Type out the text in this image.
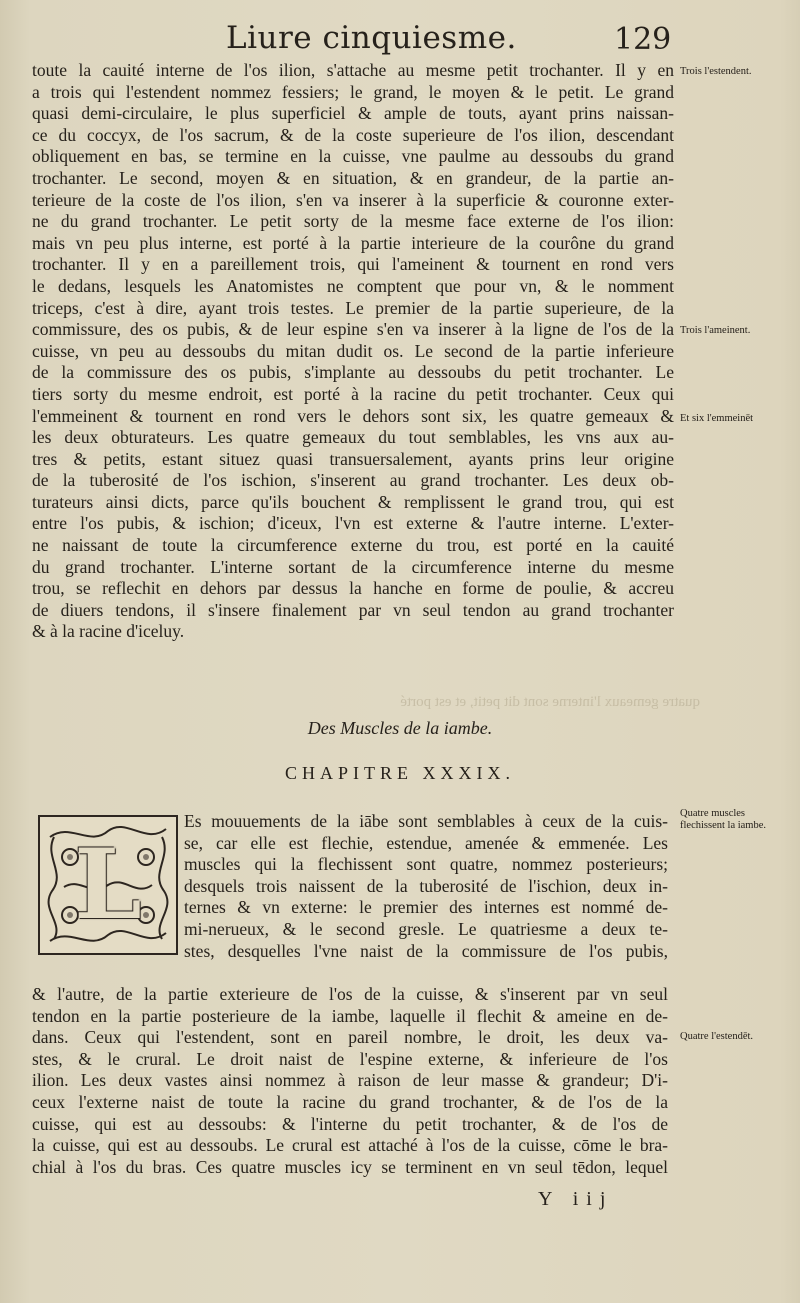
Liure cinquiesme.	129
toute la cauité interne de l'os ilion, s'attache au mesme petit trochanter. Il y en
a trois qui l'estendent nommez fessiers; le grand, le moyen & le petit. Le grand
quasi demi-circulaire, le plus superficiel & ample de touts, ayant prins naissan-
ce du coccyx, de l'os sacrum, & de la coste superieure de l'os ilion, descendant
obliquement en bas, se termine en la cuisse, vne paulme au dessoubs du grand
trochanter. Le second, moyen & en situation, & en grandeur, de la partie an-
terieure de la coste de l'os ilion, s'en va inserer à la superficie & couronne exter-
ne du grand trochanter. Le petit sorty de la mesme face externe de l'os ilion:
mais vn peu plus interne, est porté à la partie interieure de la courône du grand
trochanter. Il y en a pareillement trois, qui l'ameinent & tournent en rond vers
le dedans, lesquels les Anatomistes ne comptent que pour vn, & le nomment
triceps, c'est à dire, ayant trois testes. Le premier de la partie superieure, de la
commissure, des os pubis, & de leur espine s'en va inserer à la ligne de l'os de la
cuisse, vn peu au dessoubs du mitan dudit os. Le second de la partie inferieure
de la commissure des os pubis, s'implante au dessoubs du petit trochanter. Le
tiers sorty du mesme endroit, est porté à la racine du petit trochanter. Ceux qui
l'emmeinent & tournent en rond vers le dehors sont six, les quatre gemeaux &
les deux obturateurs. Les quatre gemeaux du tout semblables, les vns aux au-
tres & petits, estant situez quasi transuersalement, ayants prins leur origine
de la tuberosité de l'os ischion, s'inserent au grand trochanter. Les deux ob-
turateurs ainsi dicts, parce qu'ils bouchent & remplissent le grand trou, qui est
entre l'os pubis, & ischion; d'iceux, l'vn est externe & l'autre interne. L'exter-
ne naissant de toute la circumference externe du trou, est porté en la cauité
du grand trochanter. L'interne sortant de la circumference interne du mesme
trou, se reflechit en dehors par dessus la hanche en forme de poulie, & accreu
de diuers tendons, il s'insere finalement par vn seul tendon au grand trochanter
& à la racine d'iceluy.
quatre gemeaux l'interne sont dit petit, et est porté
Des Muscles de la iambe.
CHAPITRE XXXIX.
L
Es mouuements de la iābe sont semblables à ceux de la cuis-
se, car elle est flechie, estendue, amenée & emmenée. Les
muscles qui la flechissent sont quatre, nommez posterieurs;
desquels trois naissent de la tuberosité de l'ischion, deux in-
ternes & vn externe: le premier des internes est nommé de-
mi-nerueux, & le second gresle. Le quatriesme a deux te-
stes, desquelles l'vne naist de la commissure de l'os pubis,
& l'autre, de la partie exterieure de l'os de la cuisse, & s'inserent par vn seul
tendon en la partie posterieure de la iambe, laquelle il flechit & ameine en de-
dans. Ceux qui l'estendent, sont en pareil nombre, le droit, les deux va-
stes, & le crural. Le droit naist de l'espine externe, & inferieure de l'os
ilion. Les deux vastes ainsi nommez à raison de leur masse & grandeur; D'i-
ceux l'externe naist de toute la racine du grand trochanter, & de l'os de la
cuisse, qui est au dessoubs: & l'interne du petit trochanter, & de l'os de
la cuisse, qui est au dessoubs. Le crural est attaché à l'os de la cuisse, cōme le bra-
chial à l'os du bras. Ces quatre muscles icy se terminent en vn seul tēdon, lequel
Trois l'estendent.
Trois l'ameinent.
Et six l'emmeinēt
Quatre muscles flechissent la iambe.
Quatre l'estendēt.
Y iij
